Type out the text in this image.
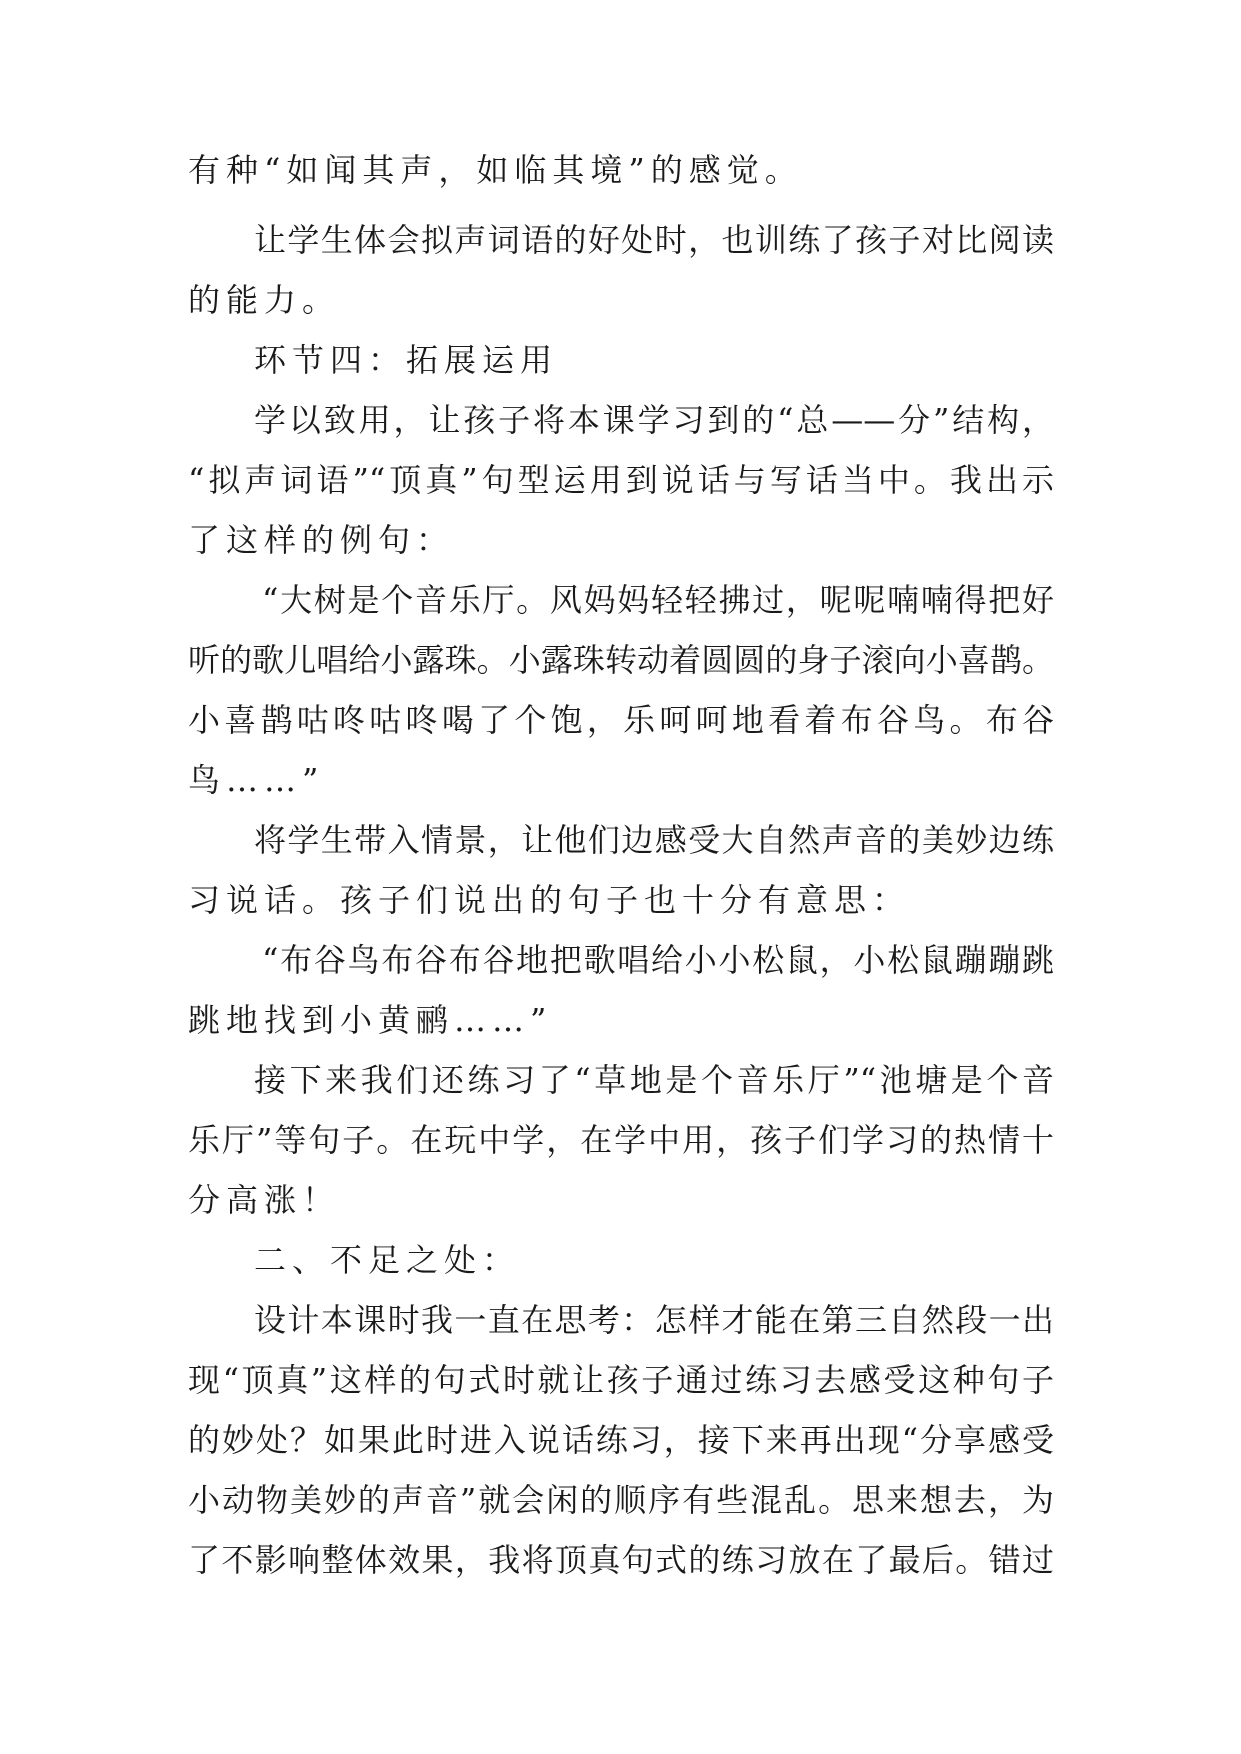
有种“如闻其声，如临其境”的感觉。
让学生体会拟声词语的好处时，也训练了孩子对比阅读
的能力。
环节四：拓展运用
学以致用，让孩子将本课学习到的“总——分”结构，
“拟声词语”“顶真”句型运用到说话与写话当中。我出示
了这样的例句：
“大树是个音乐厅。风妈妈轻轻拂过，呢呢喃喃得把好
听的歌儿唱给小露珠。小露珠转动着圆圆的身子滚向小喜鹊。
小喜鹊咕咚咕咚喝了个饱，乐呵呵地看着布谷鸟。布谷
鸟……”
将学生带入情景，让他们边感受大自然声音的美妙边练
习说话。孩子们说出的句子也十分有意思：
“布谷鸟布谷布谷地把歌唱给小小松鼠，小松鼠蹦蹦跳
跳地找到小黄鹂……”
接下来我们还练习了“草地是个音乐厅”“池塘是个音
乐厅”等句子。在玩中学，在学中用，孩子们学习的热情十
分高涨！
二、不足之处：
设计本课时我一直在思考：怎样才能在第三自然段一出
现“顶真”这样的句式时就让孩子通过练习去感受这种句子
的妙处？如果此时进入说话练习，接下来再出现“分享感受
小动物美妙的声音”就会闲的顺序有些混乱。思来想去，为
了不影响整体效果，我将顶真句式的练习放在了最后。错过
